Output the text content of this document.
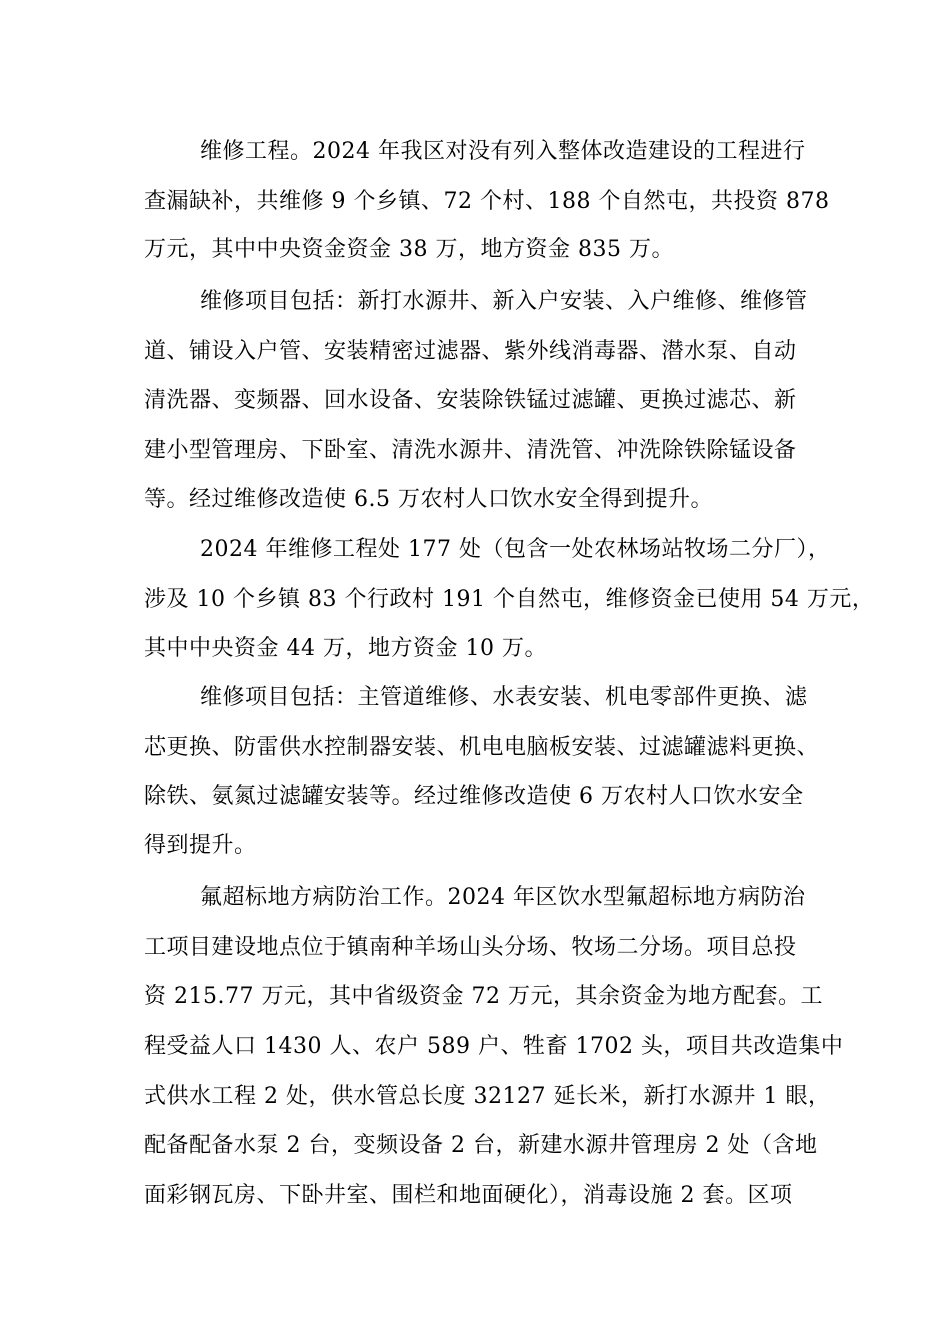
维修工程。2024 年我区对没有列入整体改造建设的工程进行
查漏缺补，共维修 9 个乡镇、72 个村、188 个自然屯，共投资 878
万元，其中中央资金资金 38 万，地方资金 835 万。
维修项目包括：新打水源井、新入户安装、入户维修、维修管
道、铺设入户管、安装精密过滤器、紫外线消毒器、潜水泵、自动
清洗器、变频器、回水设备、安装除铁锰过滤罐、更换过滤芯、新
建小型管理房、下卧室、清洗水源井、清洗管、冲洗除铁除锰设备
等。经过维修改造使 6.5 万农村人口饮水安全得到提升。
2024 年维修工程处 177 处（包含一处农林场站牧场二分厂），
涉及 10 个乡镇 83 个行政村 191 个自然屯，维修资金已使用 54 万元，
其中中央资金 44 万，地方资金 10 万。
维修项目包括：主管道维修、水表安装、机电零部件更换、滤
芯更换、防雷供水控制器安装、机电电脑板安装、过滤罐滤料更换、
除铁、氨氮过滤罐安装等。经过维修改造使 6 万农村人口饮水安全
得到提升。
氟超标地方病防治工作。2024 年区饮水型氟超标地方病防治
工项目建设地点位于镇南种羊场山头分场、牧场二分场。项目总投
资 215.77 万元，其中省级资金 72 万元，其余资金为地方配套。工
程受益人口 1430 人、农户 589 户、牲畜 1702 头，项目共改造集中
式供水工程 2 处，供水管总长度 32127 延长米，新打水源井 1 眼，
配备配备水泵 2 台，变频设备 2 台，新建水源井管理房 2 处（含地
面彩钢瓦房、下卧井室、围栏和地面硬化），消毒设施 2 套。区项
